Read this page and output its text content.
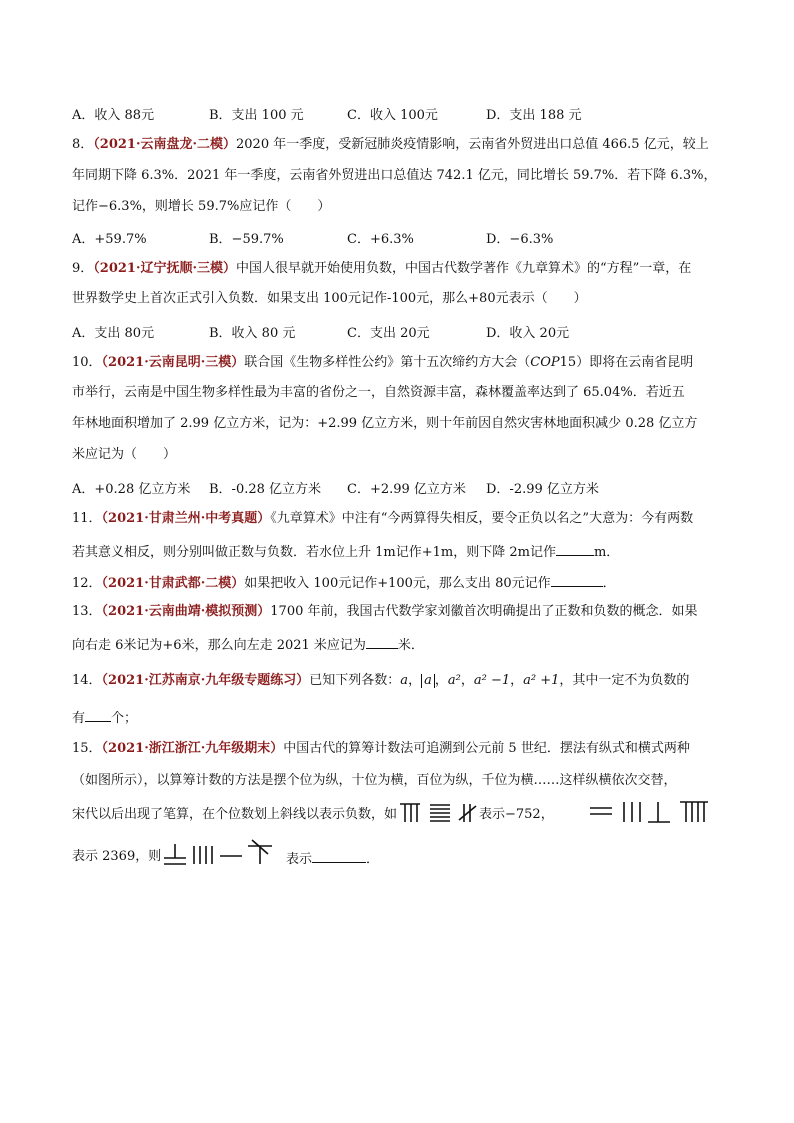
A．收入 88元	B．支出 100 元	C．收入 100元	D．支出 188 元
8．（2021·云南盘龙·二模）2020 年一季度，受新冠肺炎疫情影响，云南省外贸进出口总值 466.5 亿元，较上
年同期下降 6.3%．2021 年一季度，云南省外贸进出口总值达 742.1 亿元，同比增长 59.7%．若下降 6.3%，
记作−6.3%，则增长 59.7%应记作（　　）
A．+59.7%	B．−59.7%	C．+6.3%	D．−6.3%
9．（2021·辽宁抚顺·三模）中国人很早就开始使用负数，中国古代数学著作《九章算术》的“方程”一章，在
世界数学史上首次正式引入负数．如果支出 100元记作-100元，那么+80元表示（　　）
A．支出 80元	B．收入 80 元	C．支出 20元	D．收入 20元
10．（2021·云南昆明·三模）联合国《生物多样性公约》第十五次缔约方大会（COP15）即将在云南省昆明
市举行，云南是中国生物多样性最为丰富的省份之一，自然资源丰富，森林覆盖率达到了 65.04%．若近五
年林地面积增加了 2.99 亿立方米，记为：+2.99 亿立方米，则十年前因自然灾害林地面积减少 0.28 亿立方
米应记为（　　）
A．+0.28 亿立方米 B．-0.28 亿立方米 C．+2.99 亿立方米 D．-2.99 亿立方米
11．（2021·甘肃兰州·中考真题）《九章算术》中注有“今两算得失相反，要令正负以名之”大意为：今有两数
若其意义相反，则分别叫做正数与负数．若水位上升 1m记作+1m，则下降 2m记作	m．
12．（2021·甘肃武都·二模）如果把收入 100元记作+100元，那么支出 80元记作	．
13．（2021·云南曲靖·模拟预测）1700 年前，我国古代数学家刘徽首次明确提出了正数和负数的概念．如果
向右走 6米记为+6米，那么向左走 2021 米应记为 米．
14．（2021·江苏南京·九年级专题练习）已知下列各数：a， a ，a²，a² −1，a² +1，其中一定不为负数的
有 个；
15．（2021·浙江浙江·九年级期末）中国古代的算筹计数法可追溯到公元前 5 世纪．摆法有纵式和横式两种
（如图所示），以算筹计数的方法是摆个位为纵，十位为横，百位为纵，千位为横……这样纵横依次交替，
宋代以后出现了笔算，在个位数划上斜线以表示负数，如	表示−752，
表示 2369，则	表示	．
